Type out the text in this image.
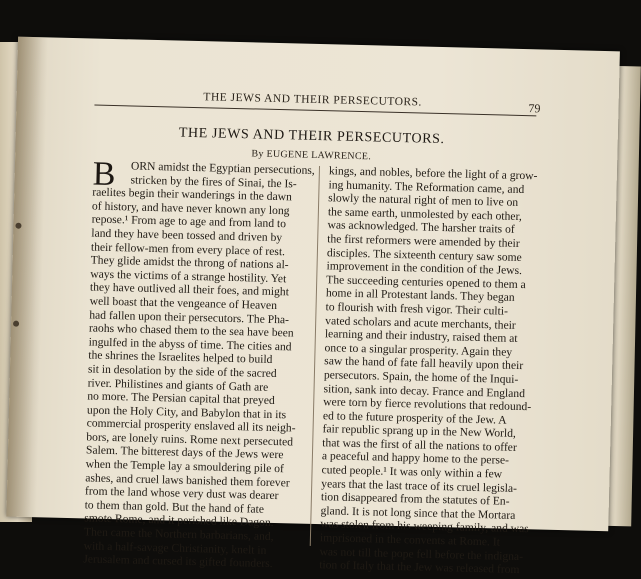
THE JEWS AND THEIR PERSECUTORS.	79
THE JEWS AND THEIR PERSECUTORS.
By EUGENE LAWRENCE.
B	ORN amidst the Egyptian persecutions,
stricken by the fires of Sinai, the Is-
raelites begin their wanderings in the dawn
of history, and have never known any long
repose.¹ From age to age and from land to
land they have been tossed and driven by
their fellow-men from every place of rest.
They glide amidst the throng of nations al-
ways the victims of a strange hostility. Yet
they have outlived all their foes, and might
well boast that the vengeance of Heaven
had fallen upon their persecutors. The Pha-
raohs who chased them to the sea have been
ingulfed in the abyss of time. The cities and
the shrines the Israelites helped to build
sit in desolation by the side of the sacred
river. Philistines and giants of Gath are
no more. The Persian capital that preyed
upon the Holy City, and Babylon that in its
commercial prosperity enslaved all its neigh-
bors, are lonely ruins. Rome next persecuted
Salem. The bitterest days of the Jews were
when the Temple lay a smouldering pile of
ashes, and cruel laws banished them forever
from the land whose very dust was dearer
to them than gold. But the hand of fate
smote Rome, and it perished like Dagon.
Then came the Northern barbarians, and,
with a half-savage Christianity, knelt in
Jerusalem and cursed its gifted founders.
kings, and nobles, before the light of a grow-
ing humanity. The Reformation came, and
slowly the natural right of men to live on
the same earth, unmolested by each other,
was acknowledged. The harsher traits of
the first reformers were amended by their
disciples. The sixteenth century saw some
improvement in the condition of the Jews.
The succeeding centuries opened to them a
home in all Protestant lands. They began
to flourish with fresh vigor. Their culti-
vated scholars and acute merchants, their
learning and their industry, raised them at
once to a singular prosperity. Again they
saw the hand of fate fall heavily upon their
persecutors. Spain, the home of the Inqui-
sition, sank into decay. France and England
were torn by fierce revolutions that redound-
ed to the future prosperity of the Jew. A
fair republic sprang up in the New World,
that was the first of all the nations to offer
a peaceful and happy home to the perse-
cuted people.¹ It was only within a few
years that the last trace of its cruel legisla-
tion disappeared from the statutes of En-
gland. It is not long since that the Mortara
was stolen from his weeping family, and was
imprisoned in the convents at Rome. It
was not till the pope fell before the indigna-
tion of Italy that the Jew was released from
